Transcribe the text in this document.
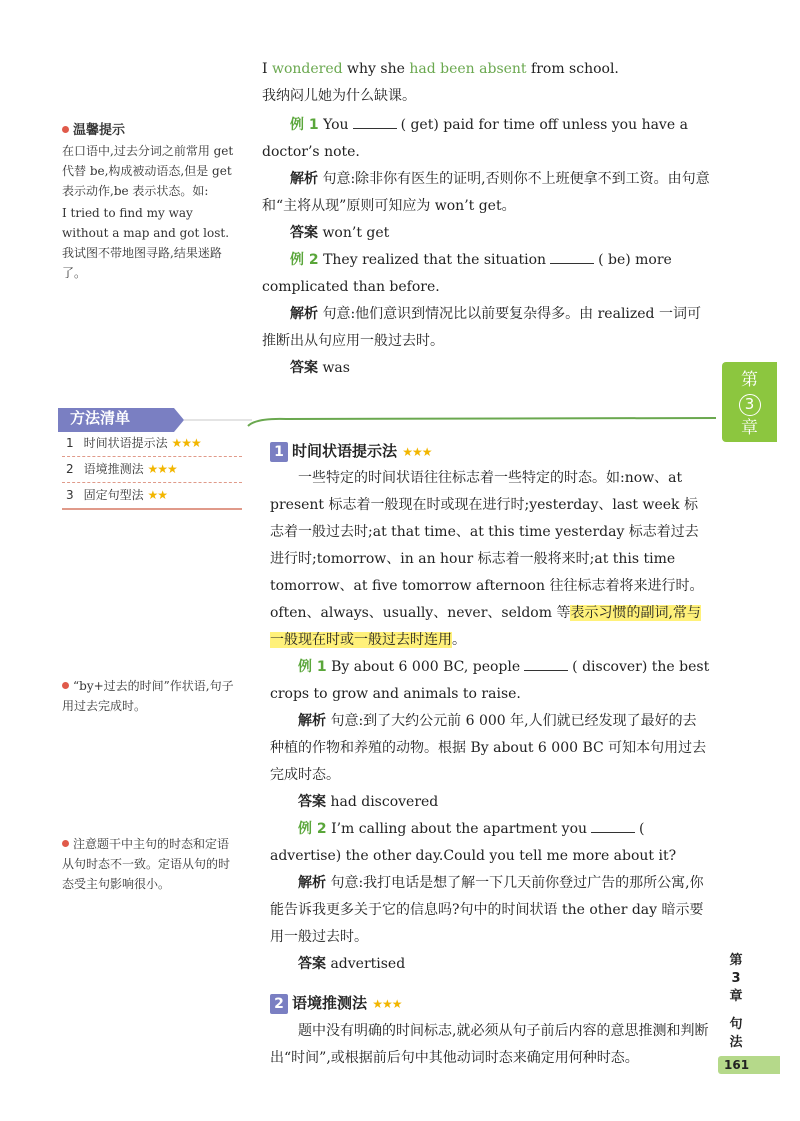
I wondered why she had been absent from school.

我纳闷儿她为什么缺课。

例 1 You	( get) paid for time off unless you have a doctor’s note.

解析 句意:除非你有医生的证明,否则你不上班便拿不到工资。由句意和“主将从现”原则可知应为 won’t get。

答案 won’t get

例 2 They realized that the situation	( be) more complicated than before.

解析 句意:他们意识到情况比以前要复杂得多。由 realized 一词可推断出从句应用一般过去时。

答案 was

温馨提示
在口语中,过去分词之前常用 get 代替 be,构成被动语态,但是 get 表示动作,be 表示状态。如:
I tried to find my way without a map and got lost.我试图不带地图寻路,结果迷路了。
第
3
章
方法清单
1 时间状语提示法 ★★★
2 语境推测法 ★★★
3 固定句型法 ★★
1 时间状语提示法 ★★★

一些特定的时间状语往往标志着一些特定的时态。如:now、at present 标志着一般现在时或现在进行时;yesterday、last week 标志着一般过去时;at that time、at this time yesterday 标志着过去进行时;tomorrow、in an hour 标志着一般将来时;at this time tomorrow、at five tomorrow afternoon 往往标志着将来进行时。often、always、usually、never、seldom 等表示习惯的副词,常与一般现在时或一般过去时连用。

例 1 By about 6 000 BC, people	( discover) the best crops to grow and animals to raise.

解析 句意:到了大约公元前 6 000 年,人们就已经发现了最好的去种植的作物和养殖的动物。根据 By about 6 000 BC 可知本句用过去完成时态。

答案 had discovered

例 2 I’m calling about the apartment you	( advertise) the other day.Could you tell me more about it?

解析 句意:我打电话是想了解一下几天前你登过广告的那所公寓,你能告诉我更多关于它的信息吗?句中的时间状语 the other day 暗示要用一般过去时。

答案 advertised

2 语境推测法 ★★★

题中没有明确的时间标志,就必须从句子前后内容的意思推测和判断出“时间”,或根据前后句中其他动词时态来确定用何种时态。

“by+过去的时间”作状语,句子用过去完成时。
注意题干中主句的时态和定语从句时态不一致。定语从句的时态受主句影响很小。
第
3
章
句
法
161
